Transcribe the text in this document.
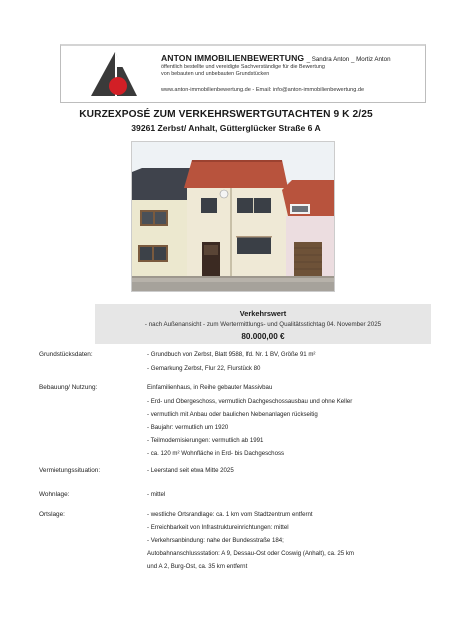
ANTON IMMOBILIENBEWERTUNG _ Sandra Anton _ Mortiz Anton
öffentlich bestellte und vereidigte Sachverständige für die Bewertung
von bebauten und unbebauten Grundstücken
www.anton-immobilienbewertung.de - Email: info@anton-immobilienbewertung.de
KURZEXPOSÉ ZUM VERKEHRSWERTGUTACHTEN 9 K 2/25
39261 Zerbst/ Anhalt, Gütterglücker Straße 6 A
Verkehrswert
- nach Außenansicht - zum Wertermittlungs- und Qualitätsstichtag 04. November 2025
80.000,00 €
Grundstücksdaten:	- Grundbuch von Zerbst, Blatt 9588, lfd. Nr. 1 BV, Größe 91 m²
- Gemarkung Zerbst, Flur 22, Flurstück 80
Bebauung/ Nutzung:	Einfamilienhaus, in Reihe gebauter Massivbau
- Erd- und Obergeschoss, vermutlich Dachgeschossausbau und ohne Keller
- vermutlich mit Anbau oder baulichen Nebenanlagen rückseitig
- Baujahr: vermutlich um 1920
- Teilmodernisierungen: vermutlich ab 1991
- ca. 120 m² Wohnfläche in Erd- bis Dachgeschoss
Vermietungssituation:	- Leerstand seit etwa Mitte 2025
Wohnlage:	- mittel
Ortslage:	- westliche Ortsrandlage: ca. 1 km vom Stadtzentrum entfernt
- Erreichbarkeit von Infrastruktureinrichtungen: mittel
- Verkehrsanbindung: nahe der Bundesstraße 184;
Autobahnanschlussstation: A 9, Dessau-Ost oder Coswig (Anhalt), ca. 25 km
und A 2, Burg-Ost, ca. 35 km entfernt
